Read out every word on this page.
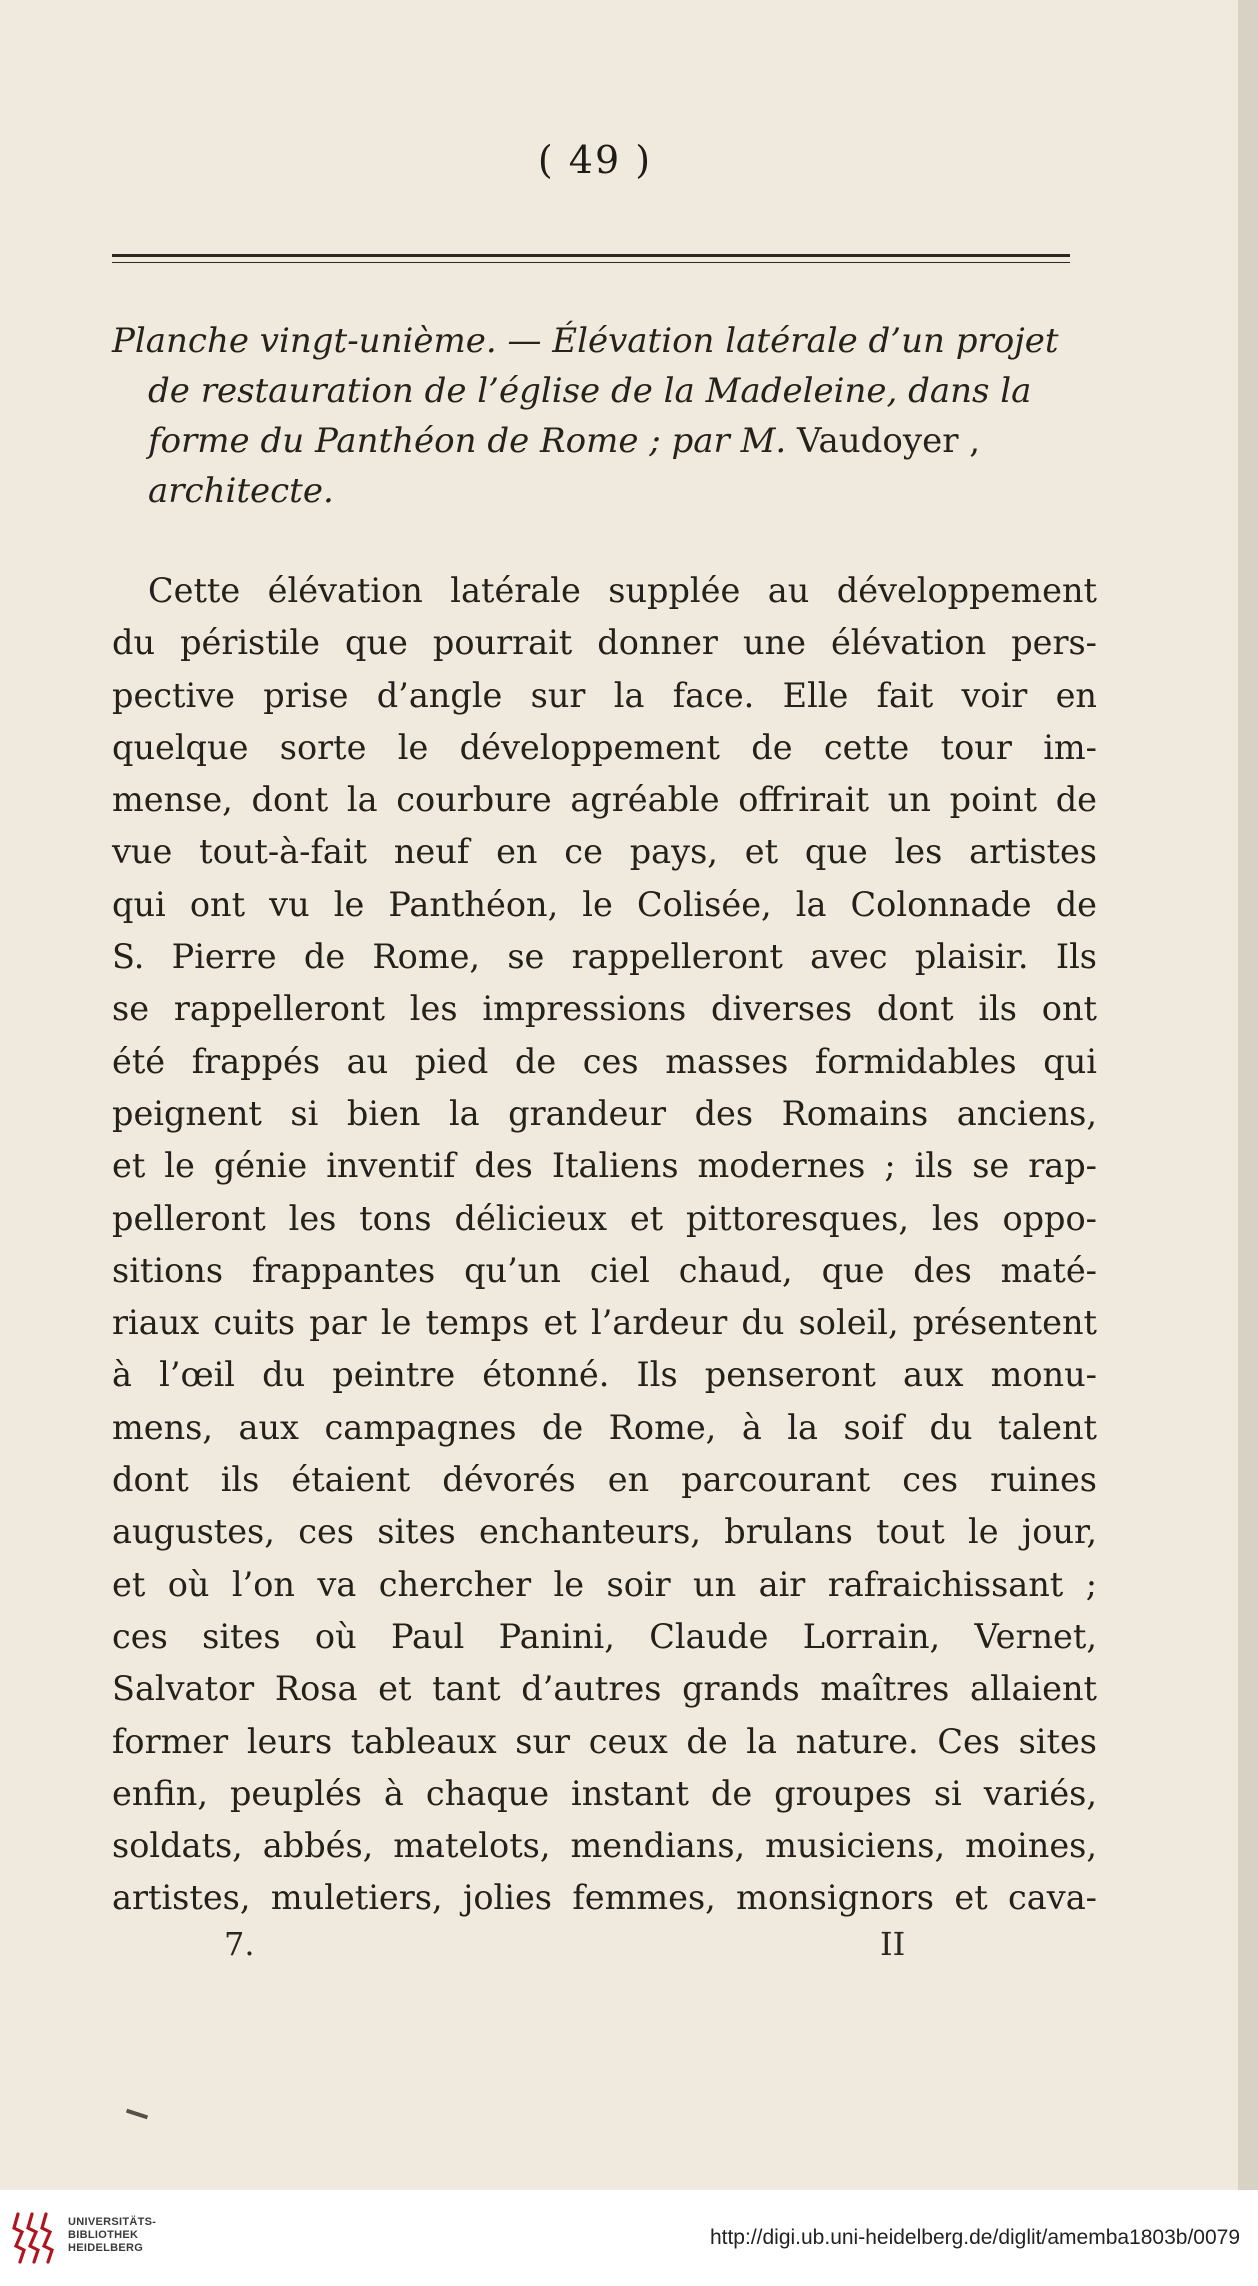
( 49 )
Planche vingt-unième. — Élévation latérale d’un projet
de restauration de l’église de la Madeleine, dans la
forme du Panthéon de Rome ; par M. Vaudoyer ,
architecte.
Cette élévation latérale supplée au développement
du péristile que pourrait donner une élévation pers-
pective prise d’angle sur la face. Elle fait voir en
quelque sorte le développement de cette tour im-
mense, dont la courbure agréable offrirait un point de
vue tout-à-fait neuf en ce pays, et que les artistes
qui ont vu le Panthéon, le Colisée, la Colonnade de
S. Pierre de Rome, se rappelleront avec plaisir. Ils
se rappelleront les impressions diverses dont ils ont
été frappés au pied de ces masses formidables qui
peignent si bien la grandeur des Romains anciens,
et le génie inventif des Italiens modernes ; ils se rap-
pelleront les tons délicieux et pittoresques, les oppo-
sitions frappantes qu’un ciel chaud, que des maté-
riaux cuits par le temps et l’ardeur du soleil, présentent
à l’œil du peintre étonné. Ils penseront aux monu-
mens, aux campagnes de Rome, à la soif du talent
dont ils étaient dévorés en parcourant ces ruines
augustes, ces sites enchanteurs, brulans tout le jour,
et où l’on va chercher le soir un air rafraichissant ;
ces sites où Paul Panini, Claude Lorrain, Vernet,
Salvator Rosa et tant d’autres grands maîtres allaient
former leurs tableaux sur ceux de la nature. Ces sites
enfin, peuplés à chaque instant de groupes si variés,
soldats, abbés, matelots, mendians, musiciens, moines,
artistes, muletiers, jolies femmes, monsignors et cava-
7.	II
UNIVERSITÄTS-
BIBLIOTHEK
HEIDELBERG	http://digi.ub.uni-heidelberg.de/diglit/amemba1803b/0079
